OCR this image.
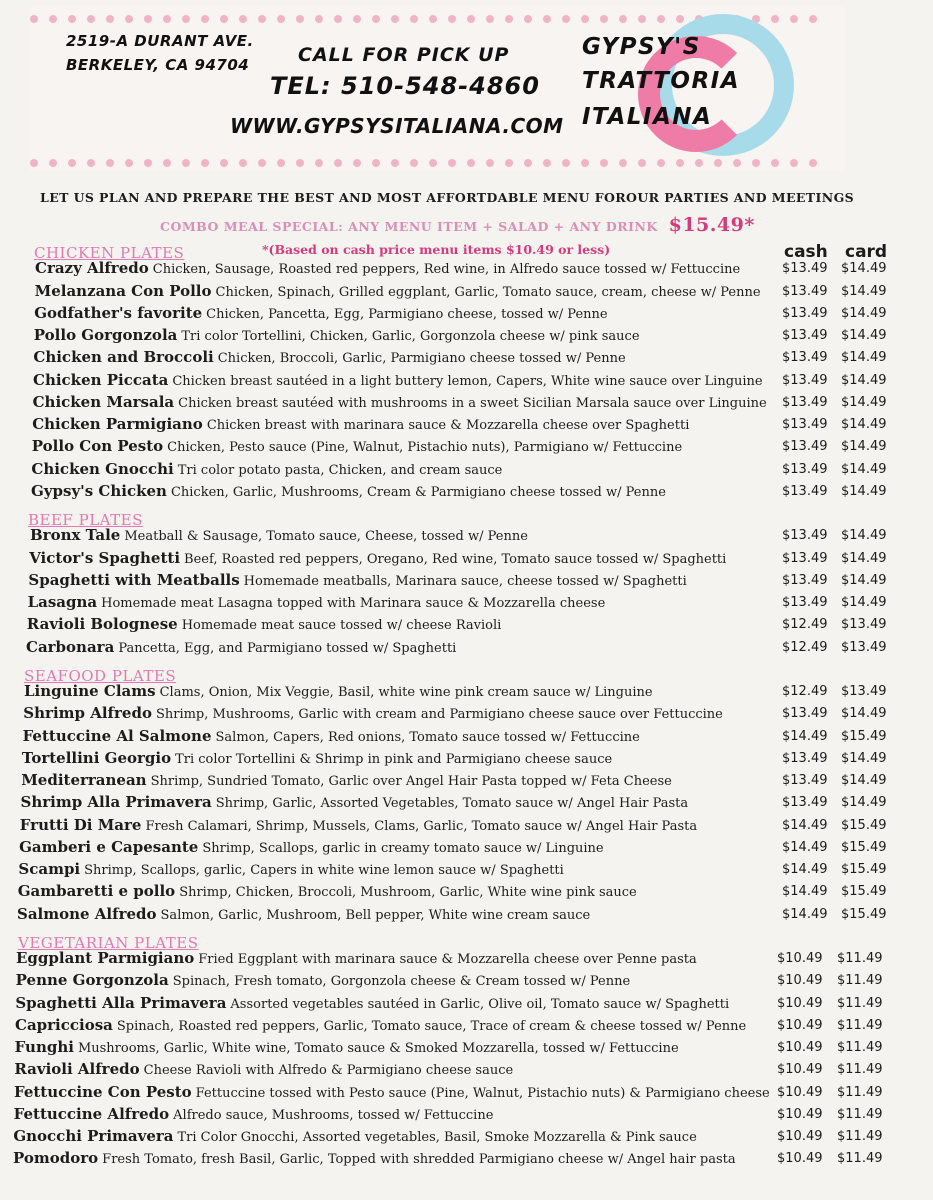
2519-A DURANT AVE.
BERKELEY, CA 94704	CALL FOR PICK UP
TEL: 510-548-4860
WWW.GYPSYSITALIANA.COM
GYPSY'S
TRATTORIA
ITALIANA
LET US PLAN AND PREPARE THE BEST AND MOST AFFORTDABLE MENU FOROUR PARTIES AND MEETINGS
COMBO MEAL SPECIAL: ANY MENU ITEM + SALAD + ANY DRINK $15.49*
*(Based on cash price menu items $10.49 or less)	cash card
CHICKEN PLATES
Crazy Alfredo Chicken, Sausage, Roasted red peppers, Red wine, in Alfredo sauce tossed w/ Fettuccine	$13.49 $14.49
Melanzana Con Pollo Chicken, Spinach, Grilled eggplant, Garlic, Tomato sauce, cream, cheese w/ Penne $13.49 $14.49
Godfather's favorite Chicken, Pancetta, Egg, Parmigiano cheese, tossed w/ Penne	$13.49 $14.49
Pollo Gorgonzola Tri color Tortellini, Chicken, Garlic, Gorgonzola cheese w/ pink sauce	$13.49 $14.49
Chicken and Broccoli Chicken, Broccoli, Garlic, Parmigiano cheese tossed w/ Penne	$13.49 $14.49
Chicken Piccata Chicken breast sautéed in a light buttery lemon, Capers, White wine sauce over Linguine $13.49 $14.49
Chicken Marsala Chicken breast sautéed with mushrooms in a sweet Sicilian Marsala sauce over Linguine $13.49 $14.49
Chicken Parmigiano Chicken breast with marinara sauce & Mozzarella cheese over Spaghetti	$13.49 $14.49
Pollo Con Pesto Chicken, Pesto sauce (Pine, Walnut, Pistachio nuts), Parmigiano w/ Fettuccine	$13.49 $14.49
Chicken Gnocchi Tri color potato pasta, Chicken, and cream sauce	$13.49 $14.49
Gypsy's Chicken Chicken, Garlic, Mushrooms, Cream & Parmigiano cheese tossed w/ Penne	$13.49 $14.49
BEEF PLATES
Bronx Tale Meatball & Sausage, Tomato sauce, Cheese, tossed w/ Penne	$13.49 $14.49
Victor's Spaghetti Beef, Roasted red peppers, Oregano, Red wine, Tomato sauce tossed w/ Spaghetti	$13.49 $14.49
Spaghetti with Meatballs Homemade meatballs, Marinara sauce, cheese tossed w/ Spaghetti	$13.49 $14.49
Lasagna Homemade meat Lasagna topped with Marinara sauce & Mozzarella cheese	$13.49 $14.49
Ravioli Bolognese Homemade meat sauce tossed w/ cheese Ravioli	$12.49 $13.49
Carbonara Pancetta, Egg, and Parmigiano tossed w/ Spaghetti	$12.49 $13.49
SEAFOOD PLATES
Linguine Clams Clams, Onion, Mix Veggie, Basil, white wine pink cream sauce w/ Linguine	$12.49 $13.49
Shrimp Alfredo Shrimp, Mushrooms, Garlic with cream and Parmigiano cheese sauce over Fettuccine	$13.49 $14.49
Fettuccine Al Salmone Salmon, Capers, Red onions, Tomato sauce tossed w/ Fettuccine	$14.49 $15.49
Tortellini Georgio Tri color Tortellini & Shrimp in pink and Parmigiano cheese sauce	$13.49 $14.49
Mediterranean Shrimp, Sundried Tomato, Garlic over Angel Hair Pasta topped w/ Feta Cheese	$13.49 $14.49
Shrimp Alla Primavera Shrimp, Garlic, Assorted Vegetables, Tomato sauce w/ Angel Hair Pasta	$13.49 $14.49
Frutti Di Mare Fresh Calamari, Shrimp, Mussels, Clams, Garlic, Tomato sauce w/ Angel Hair Pasta	$14.49 $15.49
Gamberi e Capesante Shrimp, Scallops, garlic in creamy tomato sauce w/ Linguine	$14.49 $15.49
Scampi Shrimp, Scallops, garlic, Capers in white wine lemon sauce w/ Spaghetti	$14.49 $15.49
Gambaretti e pollo Shrimp, Chicken, Broccoli, Mushroom, Garlic, White wine pink sauce	$14.49 $15.49
Salmone Alfredo Salmon, Garlic, Mushroom, Bell pepper, White wine cream sauce	$14.49 $15.49
VEGETARIAN PLATES
Eggplant Parmigiano Fried Eggplant with marinara sauce & Mozzarella cheese over Penne pasta	$10.49 $11.49
Penne Gorgonzola Spinach, Fresh tomato, Gorgonzola cheese & Cream tossed w/ Penne	$10.49 $11.49
Spaghetti Alla Primavera Assorted vegetables sautéed in Garlic, Olive oil, Tomato sauce w/ Spaghetti	$10.49 $11.49
Capricciosa Spinach, Roasted red peppers, Garlic, Tomato sauce, Trace of cream & cheese tossed w/ Penne $10.49 $11.49
Funghi Mushrooms, Garlic, White wine, Tomato sauce & Smoked Mozzarella, tossed w/ Fettuccine	$10.49 $11.49
Ravioli Alfredo Cheese Ravioli with Alfredo & Parmigiano cheese sauce	$10.49 $11.49
Fettuccine Con Pesto Fettuccine tossed with Pesto sauce (Pine, Walnut, Pistachio nuts) & Parmigiano cheese $10.49 $11.49
Fettuccine Alfredo Alfredo sauce, Mushrooms, tossed w/ Fettuccine	$10.49 $11.49
Gnocchi Primavera Tri Color Gnocchi, Assorted vegetables, Basil, Smoke Mozzarella & Pink sauce	$10.49 $11.49
Pomodoro Fresh Tomato, fresh Basil, Garlic, Topped with shredded Parmigiano cheese w/ Angel hair pasta	$10.49 $11.49
